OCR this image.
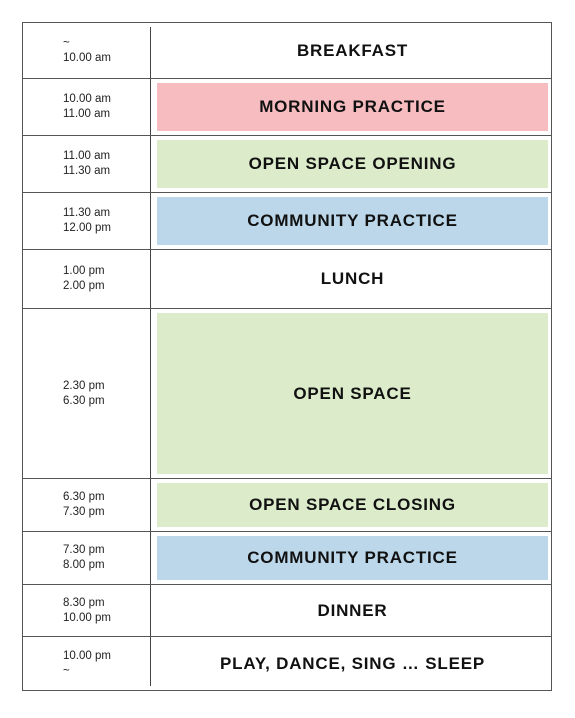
~
10.00 am	BREAKFAST
10.00 am
11.00 am	MORNING PRACTICE
11.00 am
11.30 am	OPEN SPACE OPENING
11.30 am
12.00 pm	COMMUNITY PRACTICE
1.00 pm
2.00 pm	LUNCH
2.30 pm
6.30 pm	OPEN SPACE
6.30 pm
7.30 pm	OPEN SPACE CLOSING
7.30 pm
8.00 pm	COMMUNITY PRACTICE
8.30 pm
10.00 pm	DINNER
10.00 pm
~	PLAY, DANCE, SING … SLEEP
